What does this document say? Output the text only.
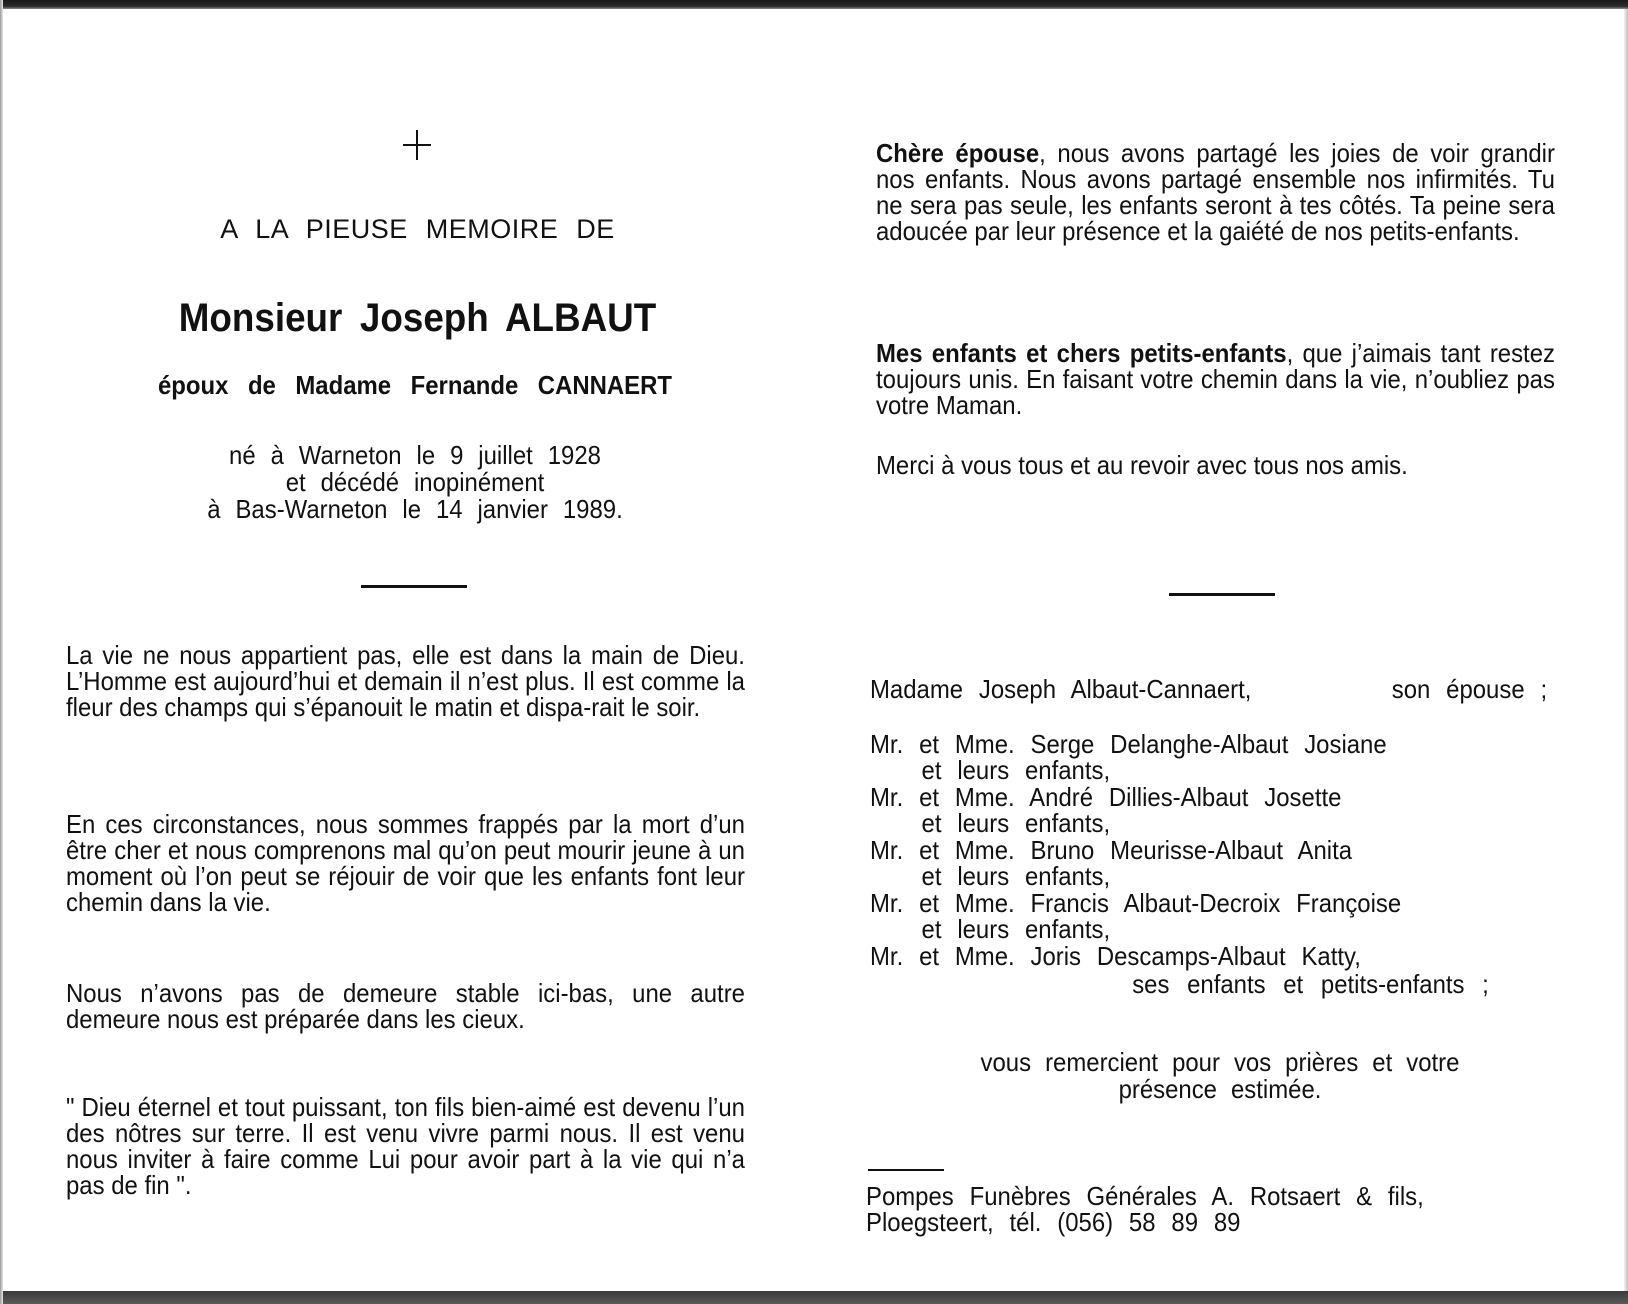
A LA PIEUSE MEMOIRE DE
Monsieur Joseph ALBAUT
époux de Madame Fernande CANNAERT
né à Warneton le 9 juillet 1928
et décédé inopinément
à Bas-Warneton le 14 janvier 1989.

La vie ne nous appartient pas, elle est dans la main de Dieu. L’Homme est aujourd’hui et demain il n’est plus. Il est comme la fleur des champs qui s’épanouit le matin et dispa-rait le soir.

En ces circonstances, nous sommes frappés par la mort d’un être cher et nous comprenons mal qu’on peut mourir jeune à un moment où l’on peut se réjouir de voir que les enfants font leur chemin dans la vie.

Nous n’avons pas de demeure stable ici-bas, une autre demeure nous est préparée dans les cieux.

" Dieu éternel et tout puissant, ton fils bien-aimé est devenu l’un des nôtres sur terre. Il est venu vivre parmi nous. Il est venu nous inviter à faire comme Lui pour avoir part à la vie qui n’a pas de fin ".

Chère épouse, nous avons partagé les joies de voir grandir nos enfants. Nous avons partagé ensemble nos infirmités. Tu ne sera pas seule, les enfants seront à tes côtés. Ta peine sera adoucée par leur présence et la gaiété de nos petits-enfants.

Mes enfants et chers petits-enfants, que j’aimais tant restez toujours unis. En faisant votre chemin dans la vie, n’oubliez pas votre Maman.

Merci à vous tous et au revoir avec tous nos amis.

Madame Joseph Albaut-Cannaert,	son épouse ;
Mr. et Mme. Serge Delanghe-Albaut Josiane
et leurs enfants,
Mr. et Mme. André Dillies-Albaut Josette
et leurs enfants,
Mr. et Mme. Bruno Meurisse-Albaut Anita
et leurs enfants,
Mr. et Mme. Francis Albaut-Decroix Françoise
et leurs enfants,
Mr. et Mme. Joris Descamps-Albaut Katty,
ses enfants et petits-enfants ;
vous remercient pour vos prières et votre
présence estimée.
Pompes Funèbres Générales A. Rotsaert & fils,
Ploegsteert, tél. (056) 58 89 89
